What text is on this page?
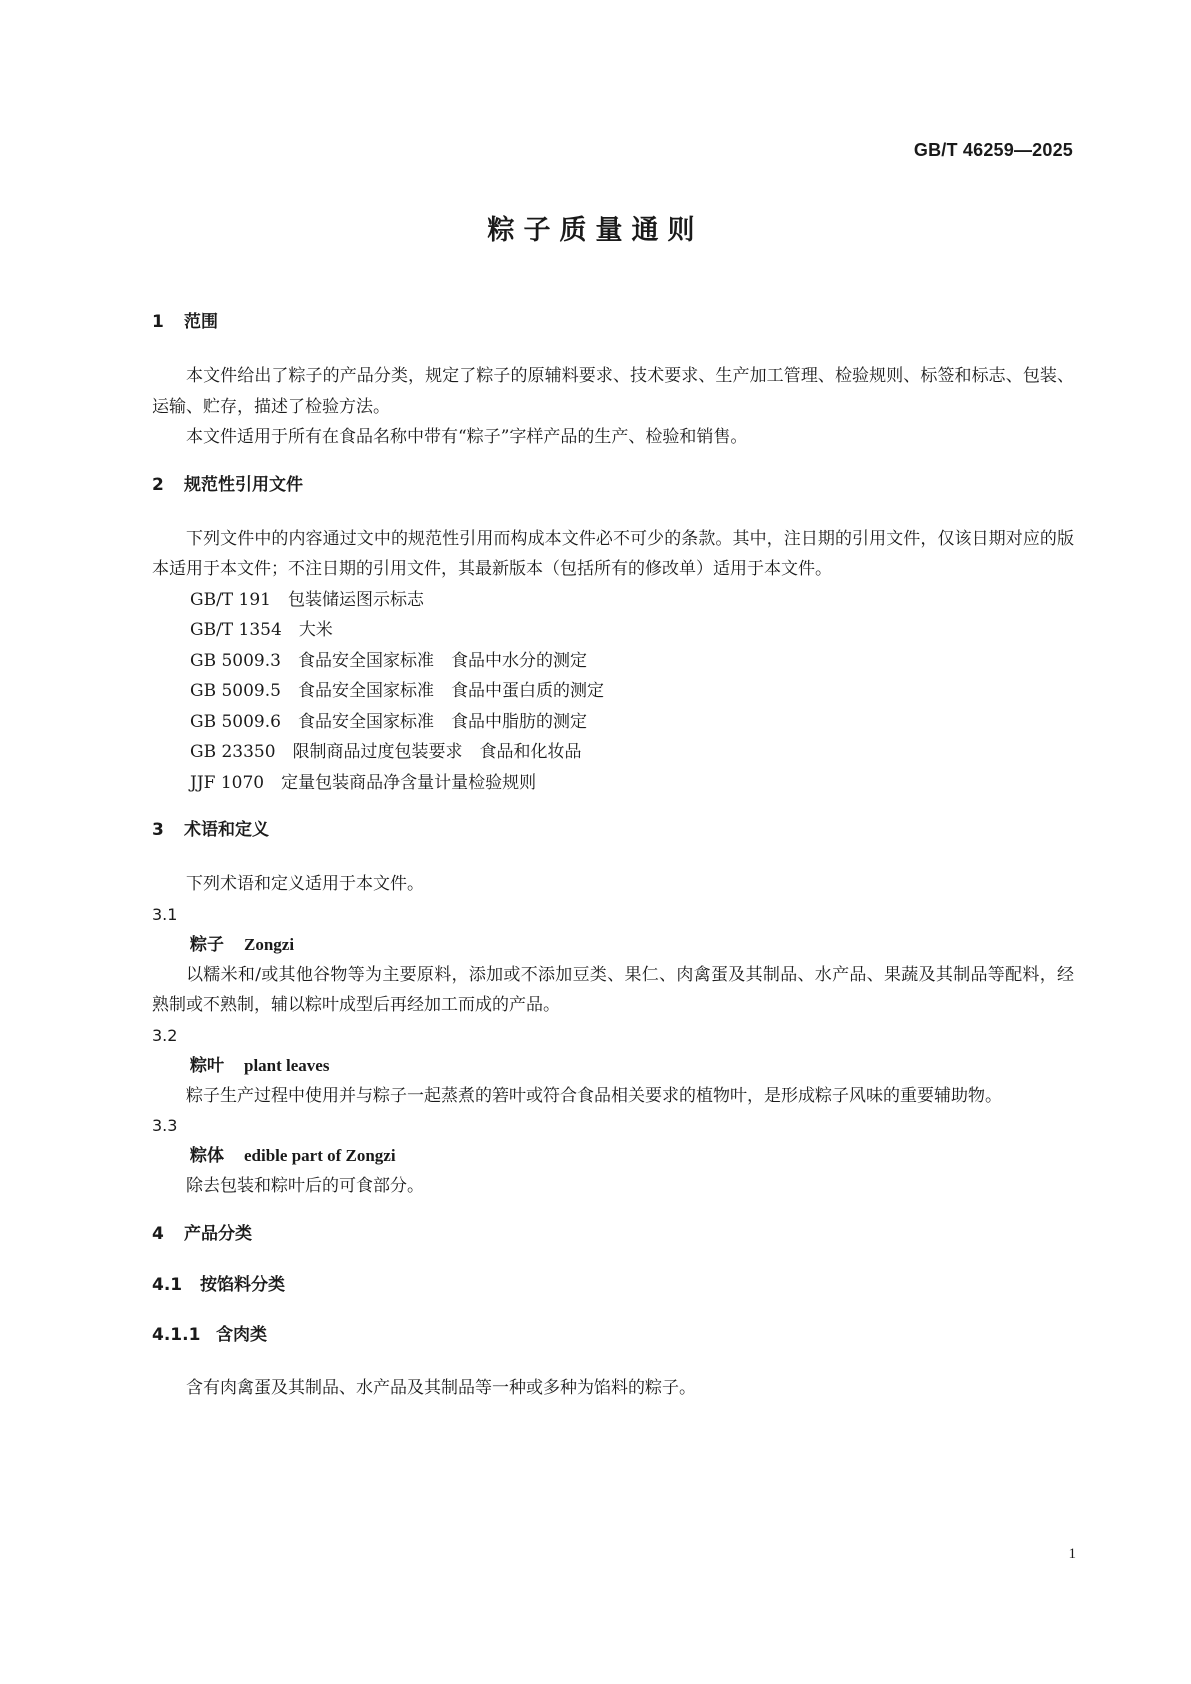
GB/T 46259—2025
粽子质量通则
1 范围

本文件给出了粽子的产品分类，规定了粽子的原辅料要求、技术要求、生产加工管理、检验规则、标签和标志、包装、运输、贮存，描述了检验方法。

本文件适用于所有在食品名称中带有“粽子”字样产品的生产、检验和销售。

2 规范性引用文件

下列文件中的内容通过文中的规范性引用而构成本文件必不可少的条款。其中，注日期的引用文件，仅该日期对应的版本适用于本文件；不注日期的引用文件，其最新版本（包括所有的修改单）适用于本文件。

GB/T 191　 包装储运图示标志
GB/T 1354　 大米
GB 5009.3　 食品安全国家标准　食品中水分的测定
GB 5009.5　 食品安全国家标准　食品中蛋白质的测定
GB 5009.6　 食品安全国家标准　食品中脂肪的测定
GB 23350　 限制商品过度包装要求　食品和化妆品
JJF 1070　 定量包装商品净含量计量检验规则
3 术语和定义

下列术语和定义适用于本文件。

3.1
粽子 Zongzi

以糯米和/或其他谷物等为主要原料，添加或不添加豆类、果仁、肉禽蛋及其制品、水产品、果蔬及其制品等配料，经熟制或不熟制，辅以粽叶成型后再经加工而成的产品。

3.2
粽叶 plant leaves

粽子生产过程中使用并与粽子一起蒸煮的箬叶或符合食品相关要求的植物叶，是形成粽子风味的重要辅助物。

3.3
粽体 edible part of Zongzi

除去包装和粽叶后的可食部分。

4 产品分类
4.1 按馅料分类
4.1.1 含肉类

含有肉禽蛋及其制品、水产品及其制品等一种或多种为馅料的粽子。

1
